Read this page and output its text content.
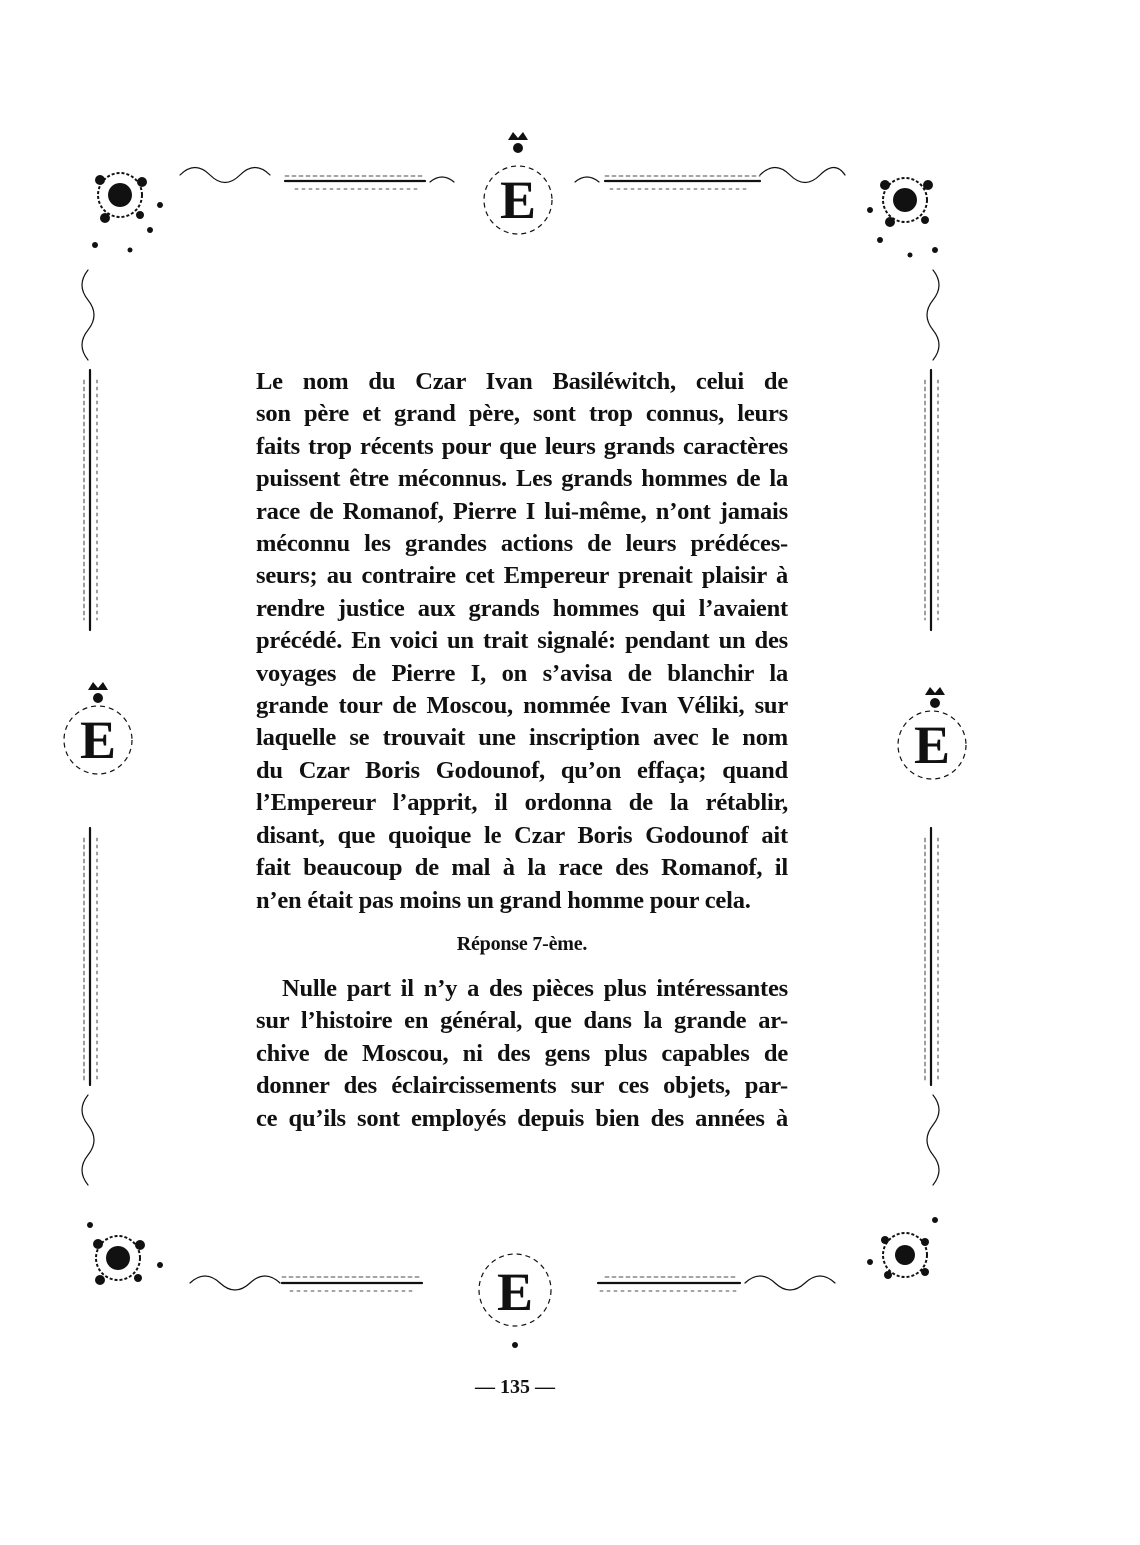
E
E	E
E

Le nom du Czar Ivan Basiléwitch, celui de
son père et grand père, sont trop connus, leurs
faits trop récents pour que leurs grands caractères
puissent être méconnus. Les grands hommes de la
race de Romanof, Pierre I lui-même, n’ont jamais
méconnu les grandes actions de leurs prédéces-
seurs; au contraire cet Empereur prenait plaisir à
rendre justice aux grands hommes qui l’avaient
précédé. En voici un trait signalé: pendant un des
voyages de Pierre I, on s’avisa de blanchir la
grande tour de Moscou, nommée Ivan Véliki, sur
laquelle se trouvait une inscription avec le nom
du Czar Boris Godounof, qu’on effaça; quand
l’Empereur l’apprit, il ordonna de la rétablir,
disant, que quoique le Czar Boris Godounof ait
fait beaucoup de mal à la race des Romanof, il
n’en était pas moins un grand homme pour cela.

Réponse 7-ème.

Nulle part il n’y a des pièces plus intéressantes
sur l’histoire en général, que dans la grande ar-
chive de Moscou, ni des gens plus capables de
donner des éclaircissements sur ces objets, par-
ce qu’ils sont employés depuis bien des années à

— 135 —
